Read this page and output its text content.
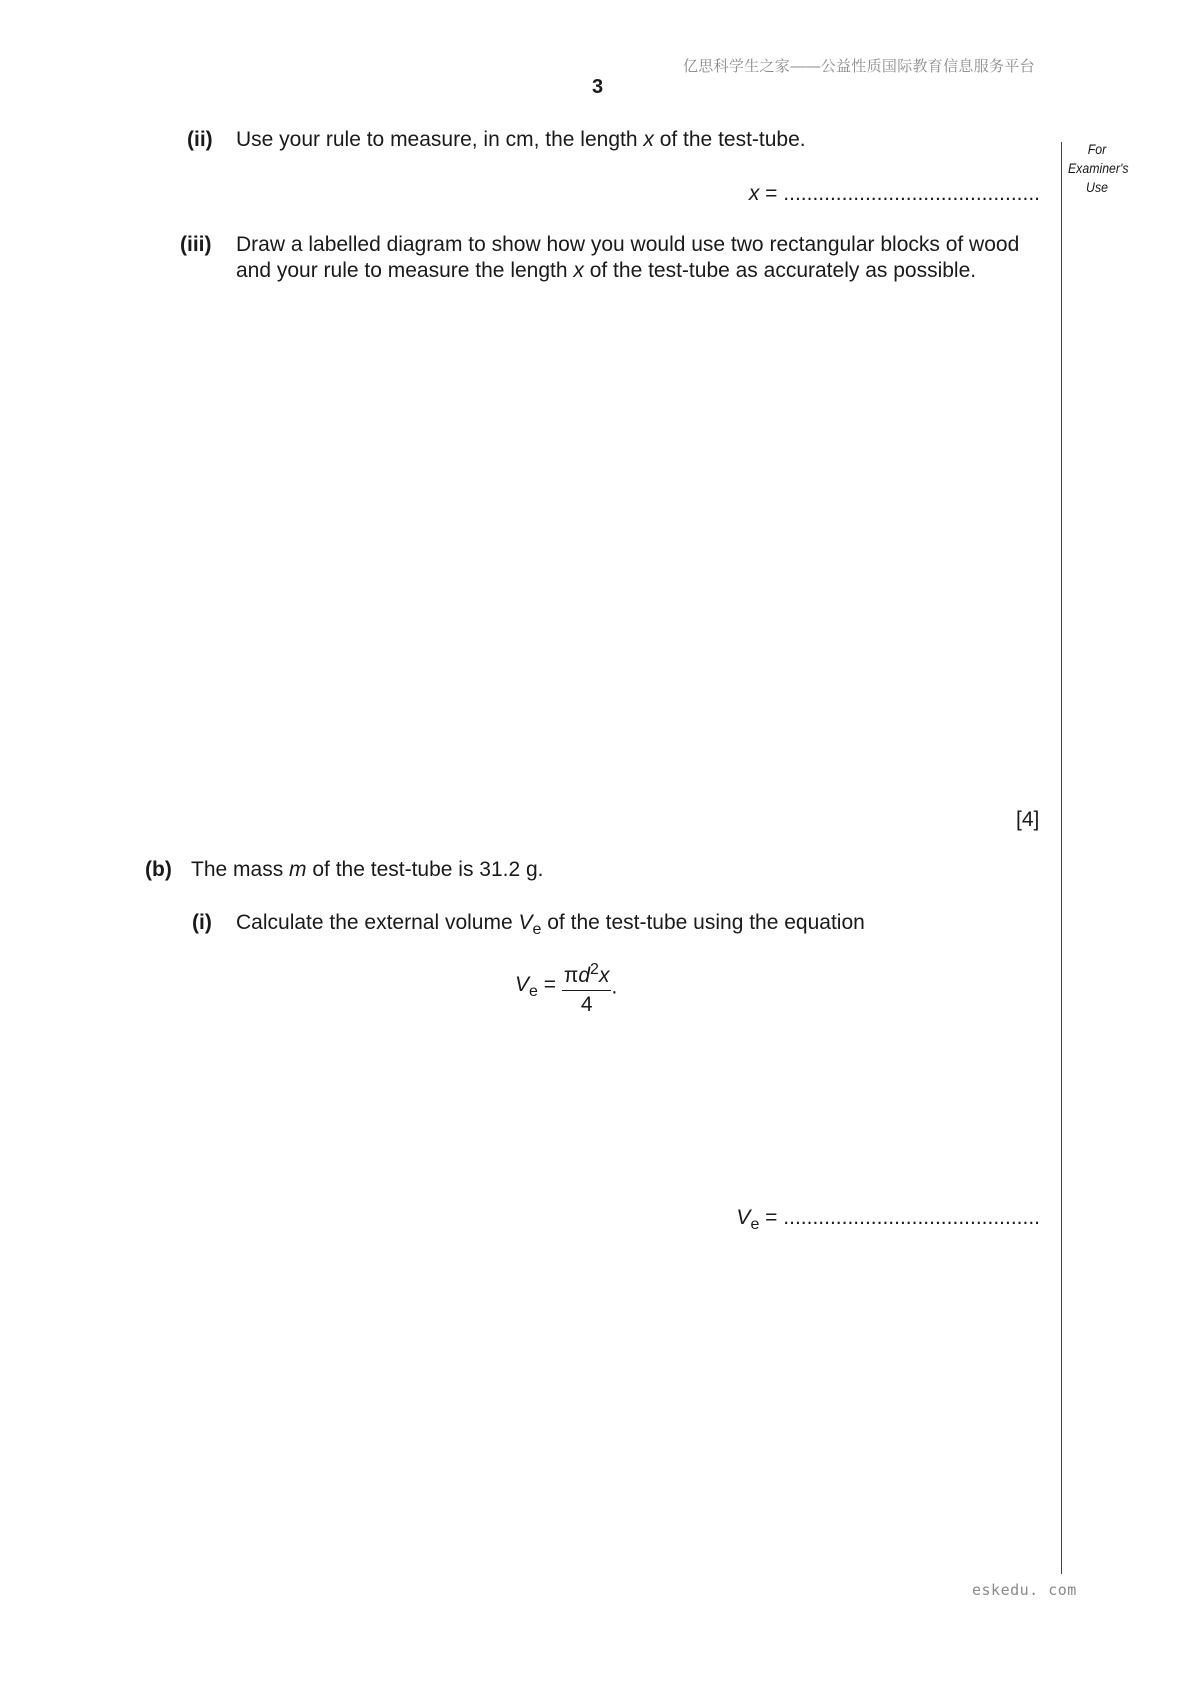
亿思科学生之家——公益性质国际教育信息服务平台
3
For
Examiner's
Use
(ii) Use your rule to measure, in cm, the length x of the test-tube.
x = ............................................
(iii) Draw a labelled diagram to show how you would use two rectangular blocks of wood
and your rule to measure the length x of the test-tube as accurately as possible.
[4]
(b) The mass m of the test-tube is 31.2 g.
(i) Calculate the external volume $V_e$ of the test-tube using the equation
$V_e = \frac{\pi d^2x}{4}$ .
$V_e$ = ............................................
eskedu. com
